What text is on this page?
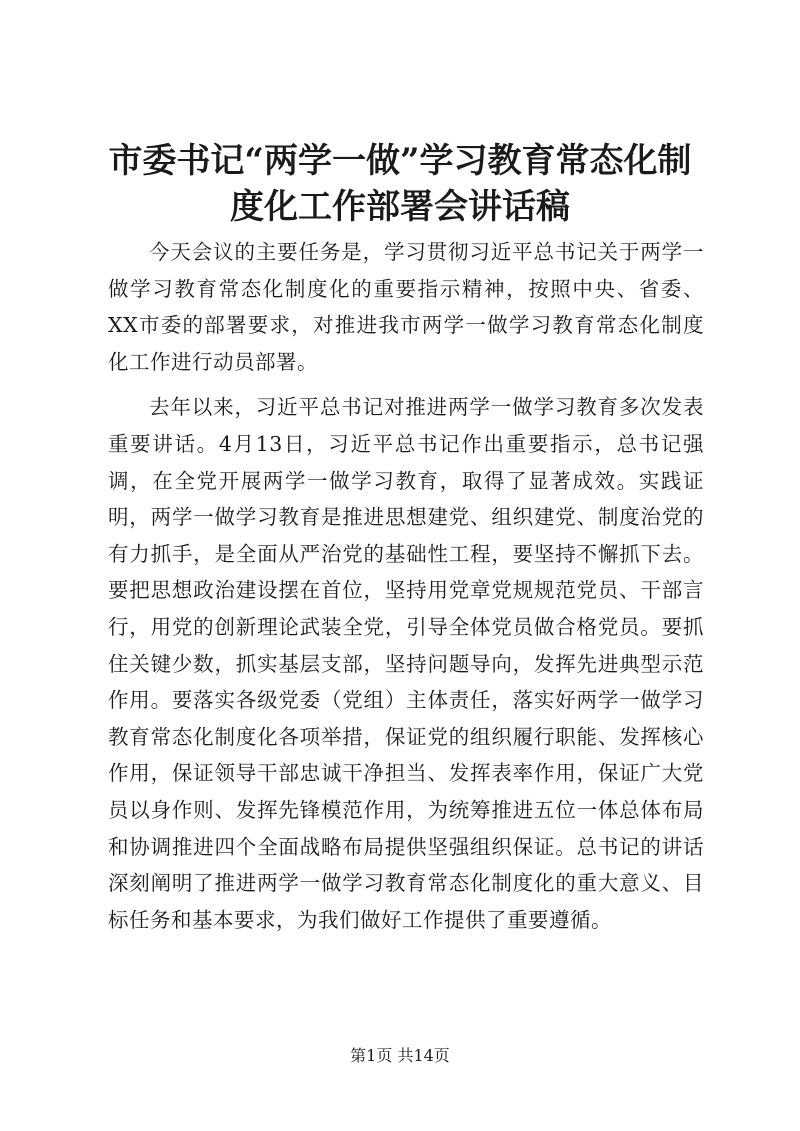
市委书记“两学一做”学习教育常态化制度化工作部署会讲话稿

今天会议的主要任务是，学习贯彻习近平总书记关于两学一做学习教育常态化制度化的重要指示精神，按照中央、省委、XX市委的部署要求，对推进我市两学一做学习教育常态化制度化工作进行动员部署。

去年以来，习近平总书记对推进两学一做学习教育多次发表重要讲话。4月13日，习近平总书记作出重要指示，总书记强调，在全党开展两学一做学习教育，取得了显著成效。实践证明，两学一做学习教育是推进思想建党、组织建党、制度治党的有力抓手，是全面从严治党的基础性工程，要坚持不懈抓下去。要把思想政治建设摆在首位，坚持用党章党规规范党员、干部言行，用党的创新理论武装全党，引导全体党员做合格党员。要抓住关键少数，抓实基层支部，坚持问题导向，发挥先进典型示范作用。要落实各级党委（党组）主体责任，落实好两学一做学习教育常态化制度化各项举措，保证党的组织履行职能、发挥核心作用，保证领导干部忠诚干净担当、发挥表率作用，保证广大党员以身作则、发挥先锋模范作用，为统筹推进五位一体总体布局和协调推进四个全面战略布局提供坚强组织保证。总书记的讲话深刻阐明了推进两学一做学习教育常态化制度化的重大意义、目标任务和基本要求，为我们做好工作提供了重要遵循。

第1页 共14页
